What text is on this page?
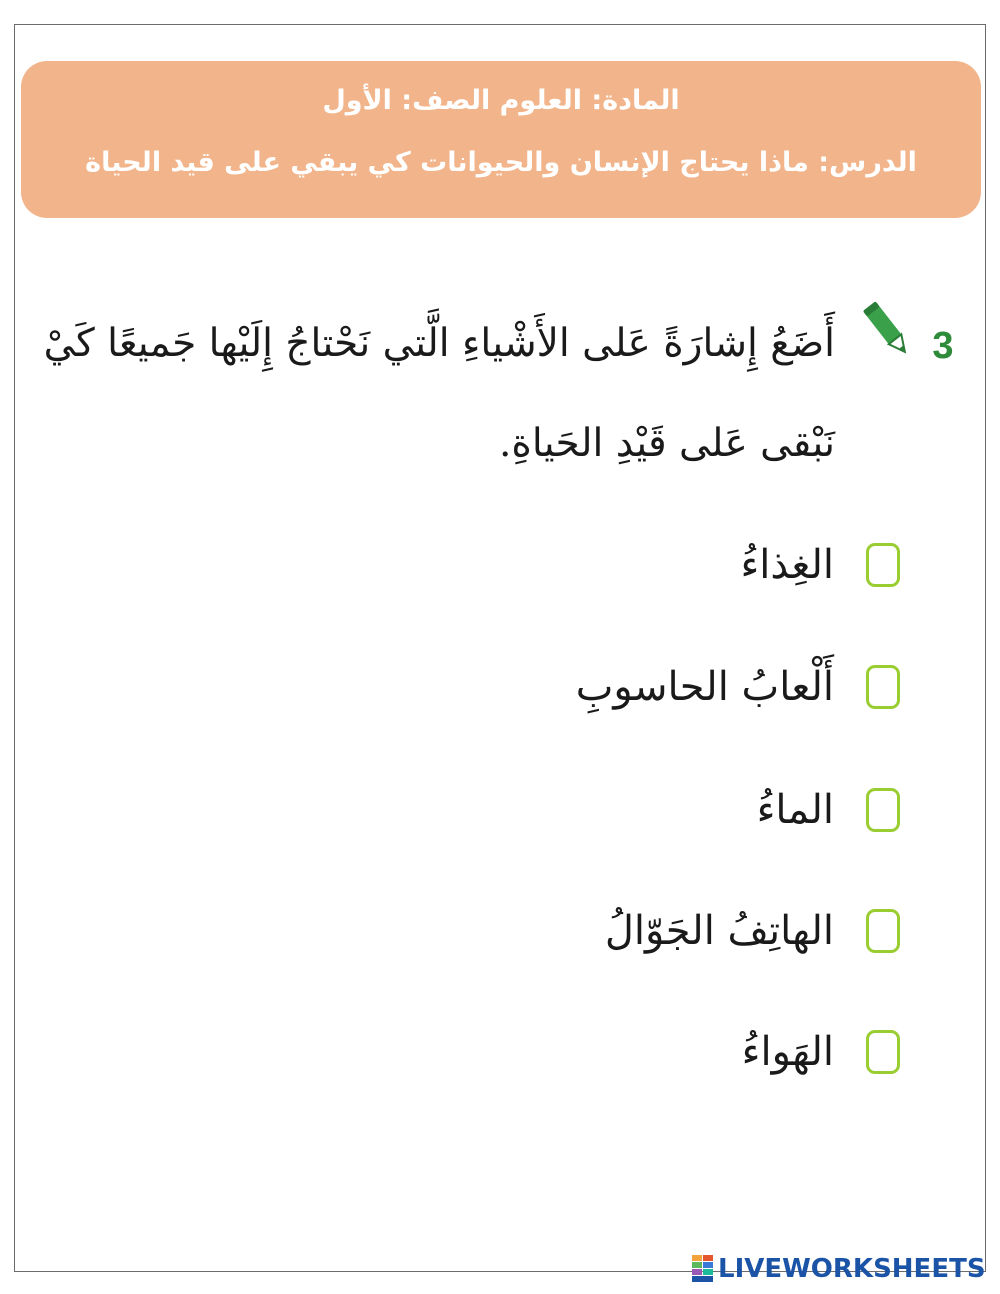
المادة: العلوم الصف: الأول
الدرس: ماذا يحتاج الإنسان والحيوانات كي يبقي على قيد الحياة
3
أَضَعُ إِشارَةً عَلى الأَشْياءِ الَّتي نَحْتاجُ إِلَيْها جَميعًا كَيْ نَبْقى عَلى قَيْدِ الحَياةِ.
الغِذاءُ
أَلْعابُ الحاسوبِ
الماءُ
الهاتِفُ الجَوّالُ
الهَواءُ
LIVEWORKSHEETS
